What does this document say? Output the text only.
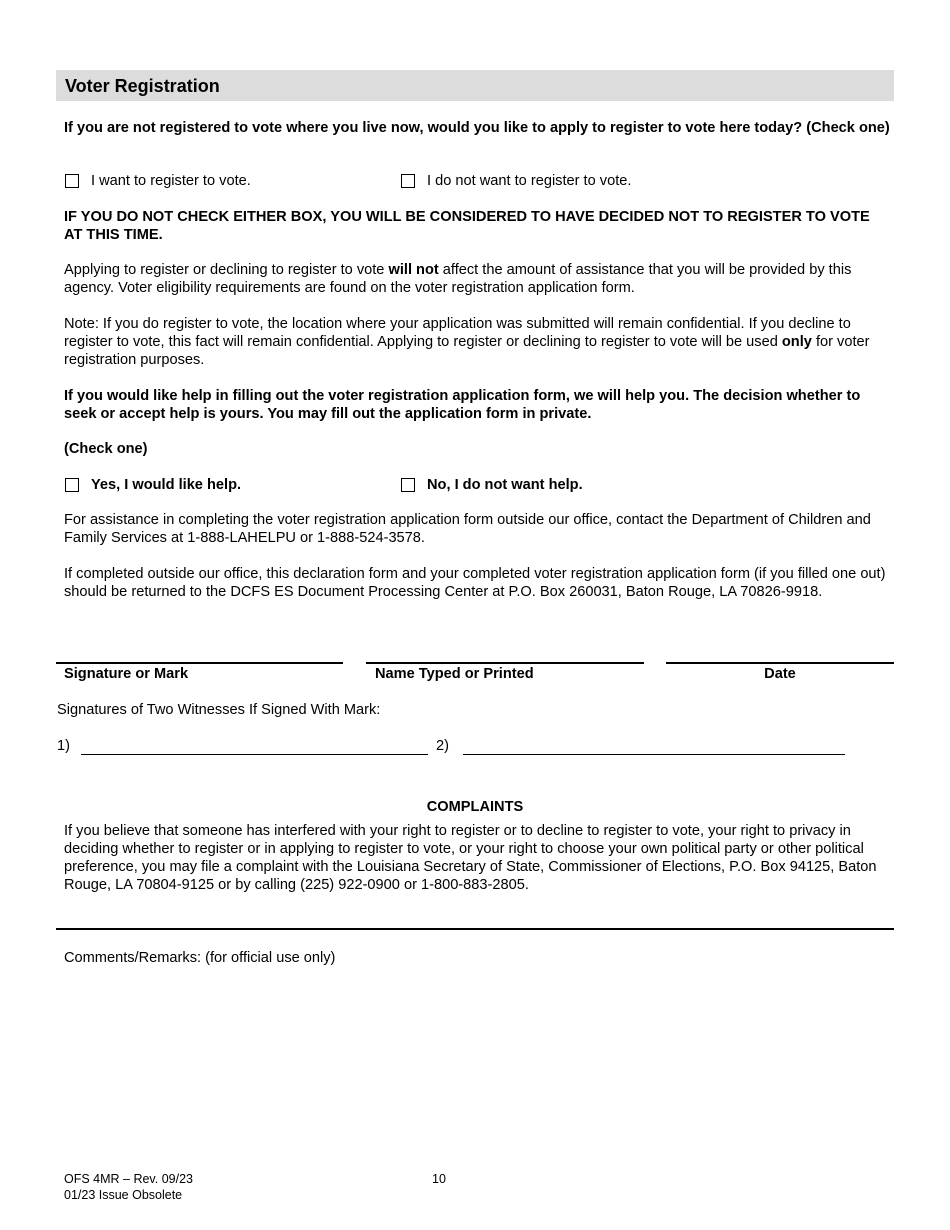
Voter Registration
If you are not registered to vote where you live now, would you like to apply to register to vote here today? (Check one)
I want to register to vote.	I do not want to register to vote.
IF YOU DO NOT CHECK EITHER BOX, YOU WILL BE CONSIDERED TO HAVE DECIDED NOT TO REGISTER TO VOTE AT THIS TIME.
Applying to register or declining to register to vote will not affect the amount of assistance that you will be provided by this agency. Voter eligibility requirements are found on the voter registration application form.
Note: If you do register to vote, the location where your application was submitted will remain confidential. If you decline to register to vote, this fact will remain confidential. Applying to register or declining to register to vote will be used only for voter registration purposes.
If you would like help in filling out the voter registration application form, we will help you. The decision whether to seek or accept help is yours. You may fill out the application form in private.
(Check one)
Yes, I would like help.	No, I do not want help.
For assistance in completing the voter registration application form outside our office, contact the Department of Children and Family Services at 1-888-LAHELPU or 1-888-524-3578.
If completed outside our office, this declaration form and your completed voter registration application form (if you filled one out) should be returned to the DCFS ES Document Processing Center at P.O. Box 260031, Baton Rouge, LA 70826-9918.
Signature or Mark	Name Typed or Printed	Date
Signatures of Two Witnesses If Signed With Mark:
1)	2)
COMPLAINTS
If you believe that someone has interfered with your right to register or to decline to register to vote, your right to privacy in deciding whether to register or in applying to register to vote, or your right to choose your own political party or other political preference, you may file a complaint with the Louisiana Secretary of State, Commissioner of Elections, P.O. Box 94125, Baton Rouge, LA 70804-9125 or by calling (225) 922-0900 or 1-800-883-2805.
Comments/Remarks: (for official use only)
OFS 4MR – Rev. 09/23
01/23 Issue Obsolete
10
